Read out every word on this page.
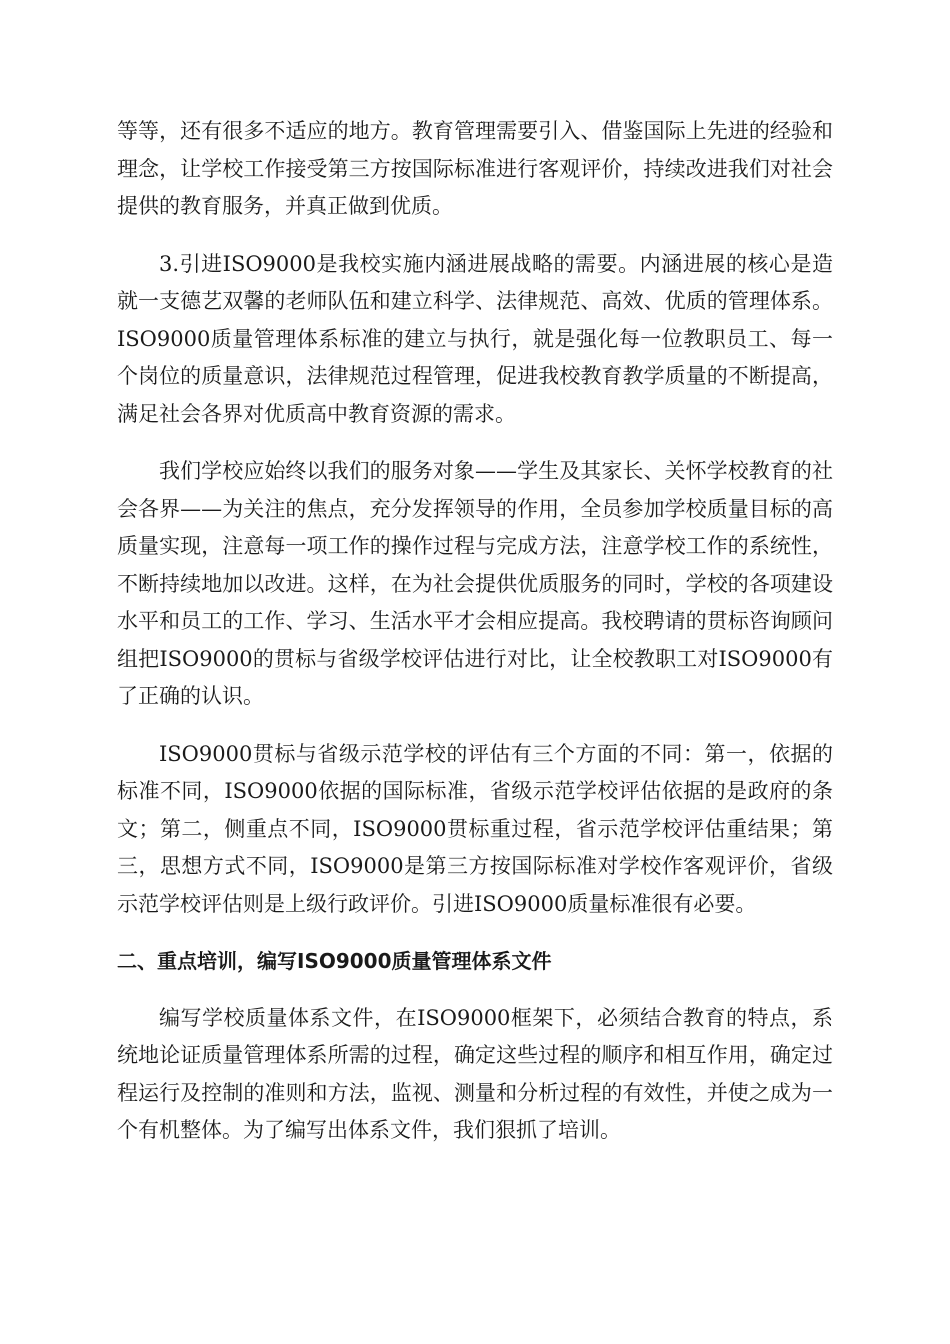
等等，还有很多不适应的地方。教育管理需要引入、借鉴国际上先进的经验和理念，让学校工作接受第三方按国际标准进行客观评价，持续改进我们对社会提供的教育服务，并真正做到优质。

3.引进ISO9000是我校实施内涵进展战略的需要。内涵进展的核心是造就一支德艺双馨的老师队伍和建立科学、法律规范、高效、优质的管理体系。ISO9000质量管理体系标准的建立与执行，就是强化每一位教职员工、每一个岗位的质量意识，法律规范过程管理，促进我校教育教学质量的不断提高，满足社会各界对优质高中教育资源的需求。

我们学校应始终以我们的服务对象——学生及其家长、关怀学校教育的社会各界——为关注的焦点，充分发挥领导的作用，全员参加学校质量目标的高质量实现，注意每一项工作的操作过程与完成方法，注意学校工作的系统性，不断持续地加以改进。这样，在为社会提供优质服务的同时，学校的各项建设水平和员工的工作、学习、生活水平才会相应提高。我校聘请的贯标咨询顾问组把ISO9000的贯标与省级学校评估进行对比，让全校教职工对ISO9000有了正确的认识。

ISO9000贯标与省级示范学校的评估有三个方面的不同：第一，依据的标准不同，ISO9000依据的国际标准，省级示范学校评估依据的是政府的条文；第二，侧重点不同，ISO9000贯标重过程，省示范学校评估重结果；第三，思想方式不同，ISO9000是第三方按国际标准对学校作客观评价，省级示范学校评估则是上级行政评价。引进ISO9000质量标准很有必要。

二、重点培训，编写ISO9000质量管理体系文件

编写学校质量体系文件，在ISO9000框架下，必须结合教育的特点，系统地论证质量管理体系所需的过程，确定这些过程的顺序和相互作用，确定过程运行及控制的准则和方法，监视、测量和分析过程的有效性，并使之成为一个有机整体。为了编写出体系文件，我们狠抓了培训。
